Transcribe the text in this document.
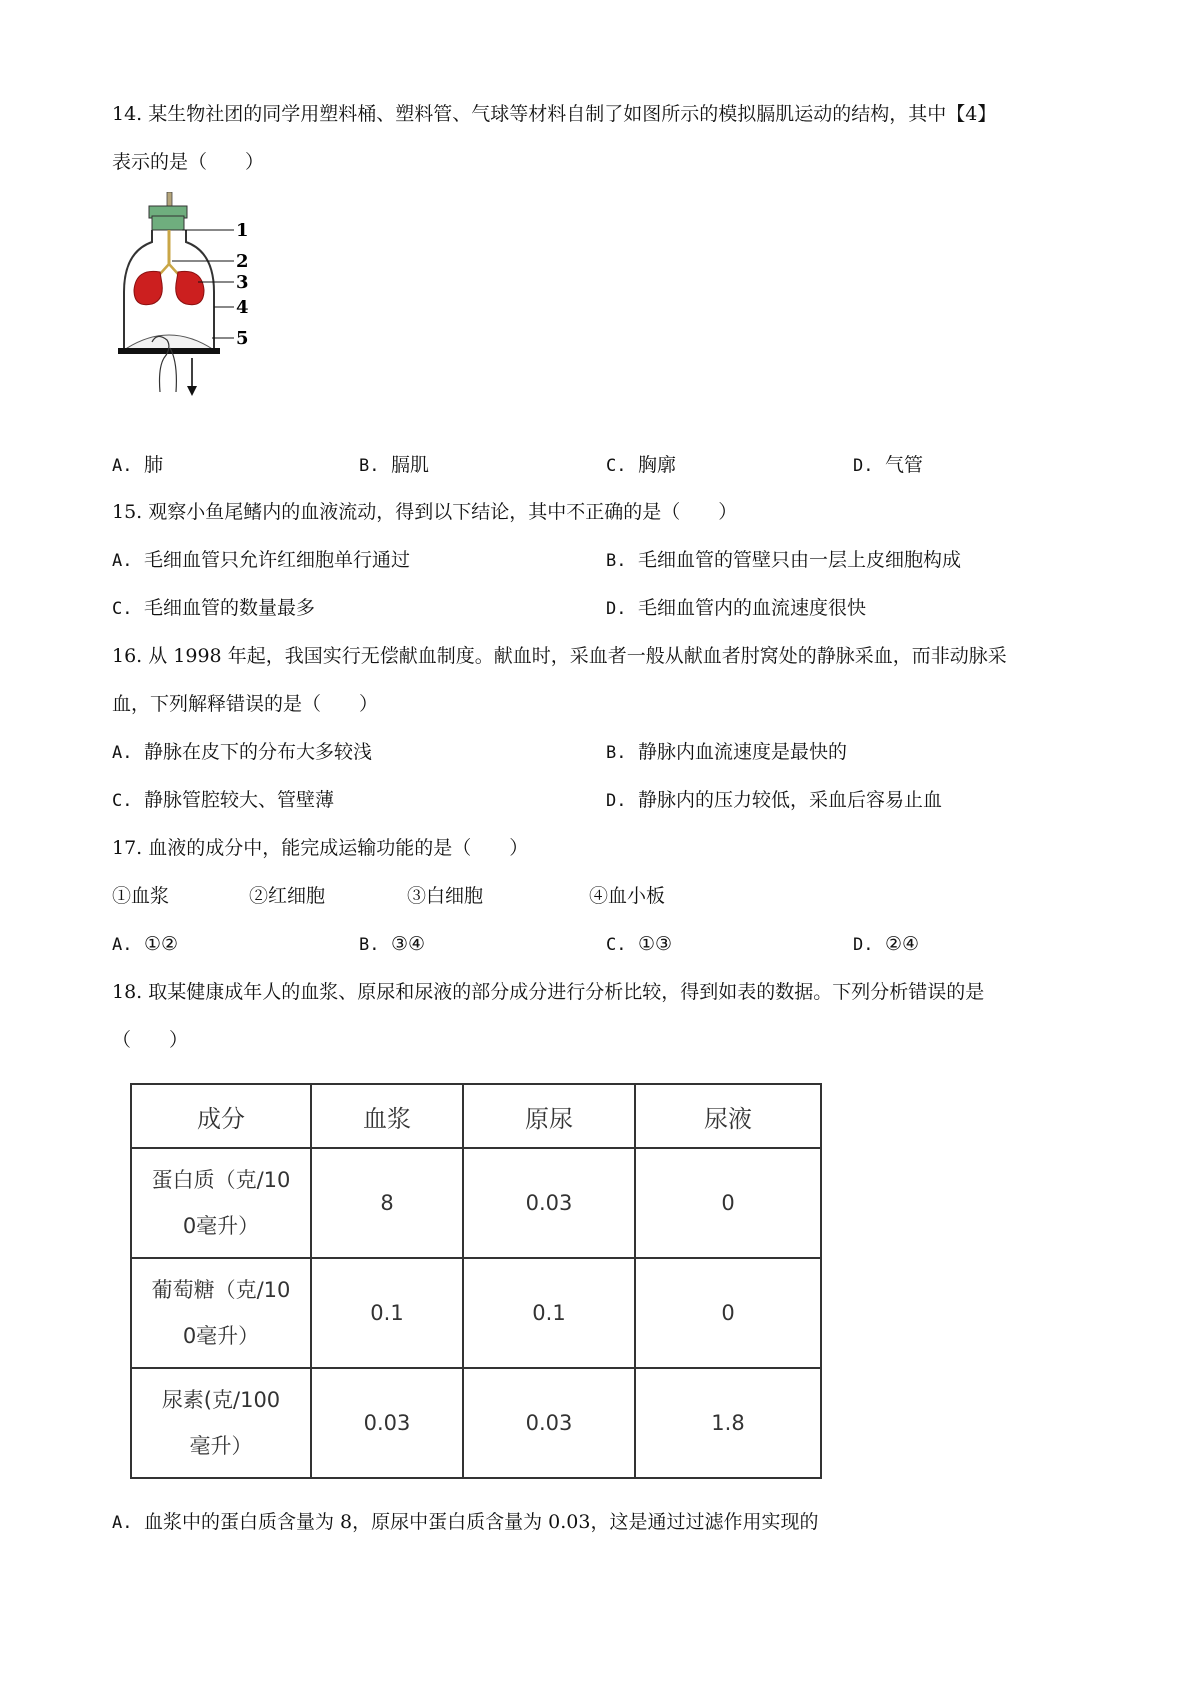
14. 某生物社团的同学用塑料桶、塑料管、气球等材料自制了如图所示的模拟膈肌运动的结构，其中【4】
表示的是（　　）
1
2
3
4
5
A. 肺	B. 膈肌	C. 胸廓	D. 气管
15. 观察小鱼尾鳍内的血液流动，得到以下结论，其中不正确的是（　　）
A. 毛细血管只允许红细胞单行通过	B. 毛细血管的管壁只由一层上皮细胞构成
C. 毛细血管的数量最多	D. 毛细血管内的血流速度很快
16. 从 1998 年起，我国实行无偿献血制度。献血时，采血者一般从献血者肘窝处的静脉采血，而非动脉采
血，下列解释错误的是（　　）
A. 静脉在皮下的分布大多较浅	B. 静脉内血流速度是最快的
C. 静脉管腔较大、管壁薄	D. 静脉内的压力较低，采血后容易止血
17. 血液的成分中，能完成运输功能的是（　　）
①血浆	②红细胞	③白细胞	④血小板
A. ①②	B. ③④	C. ①③	D. ②④
18. 取某健康成年人的血浆、原尿和尿液的部分成分进行分析比较，得到如表的数据。下列分析错误的是
（　　）
成分	血浆	原尿	尿液
蛋白质（克/10
0毫升）	8	0.03	0
葡萄糖（克/10
0毫升）	0.1	0.1	0
尿素(克/100
毫升）	0.03	0.03	1.8
A. 血浆中的蛋白质含量为 8，原尿中蛋白质含量为 0.03，这是通过过滤作用实现的
